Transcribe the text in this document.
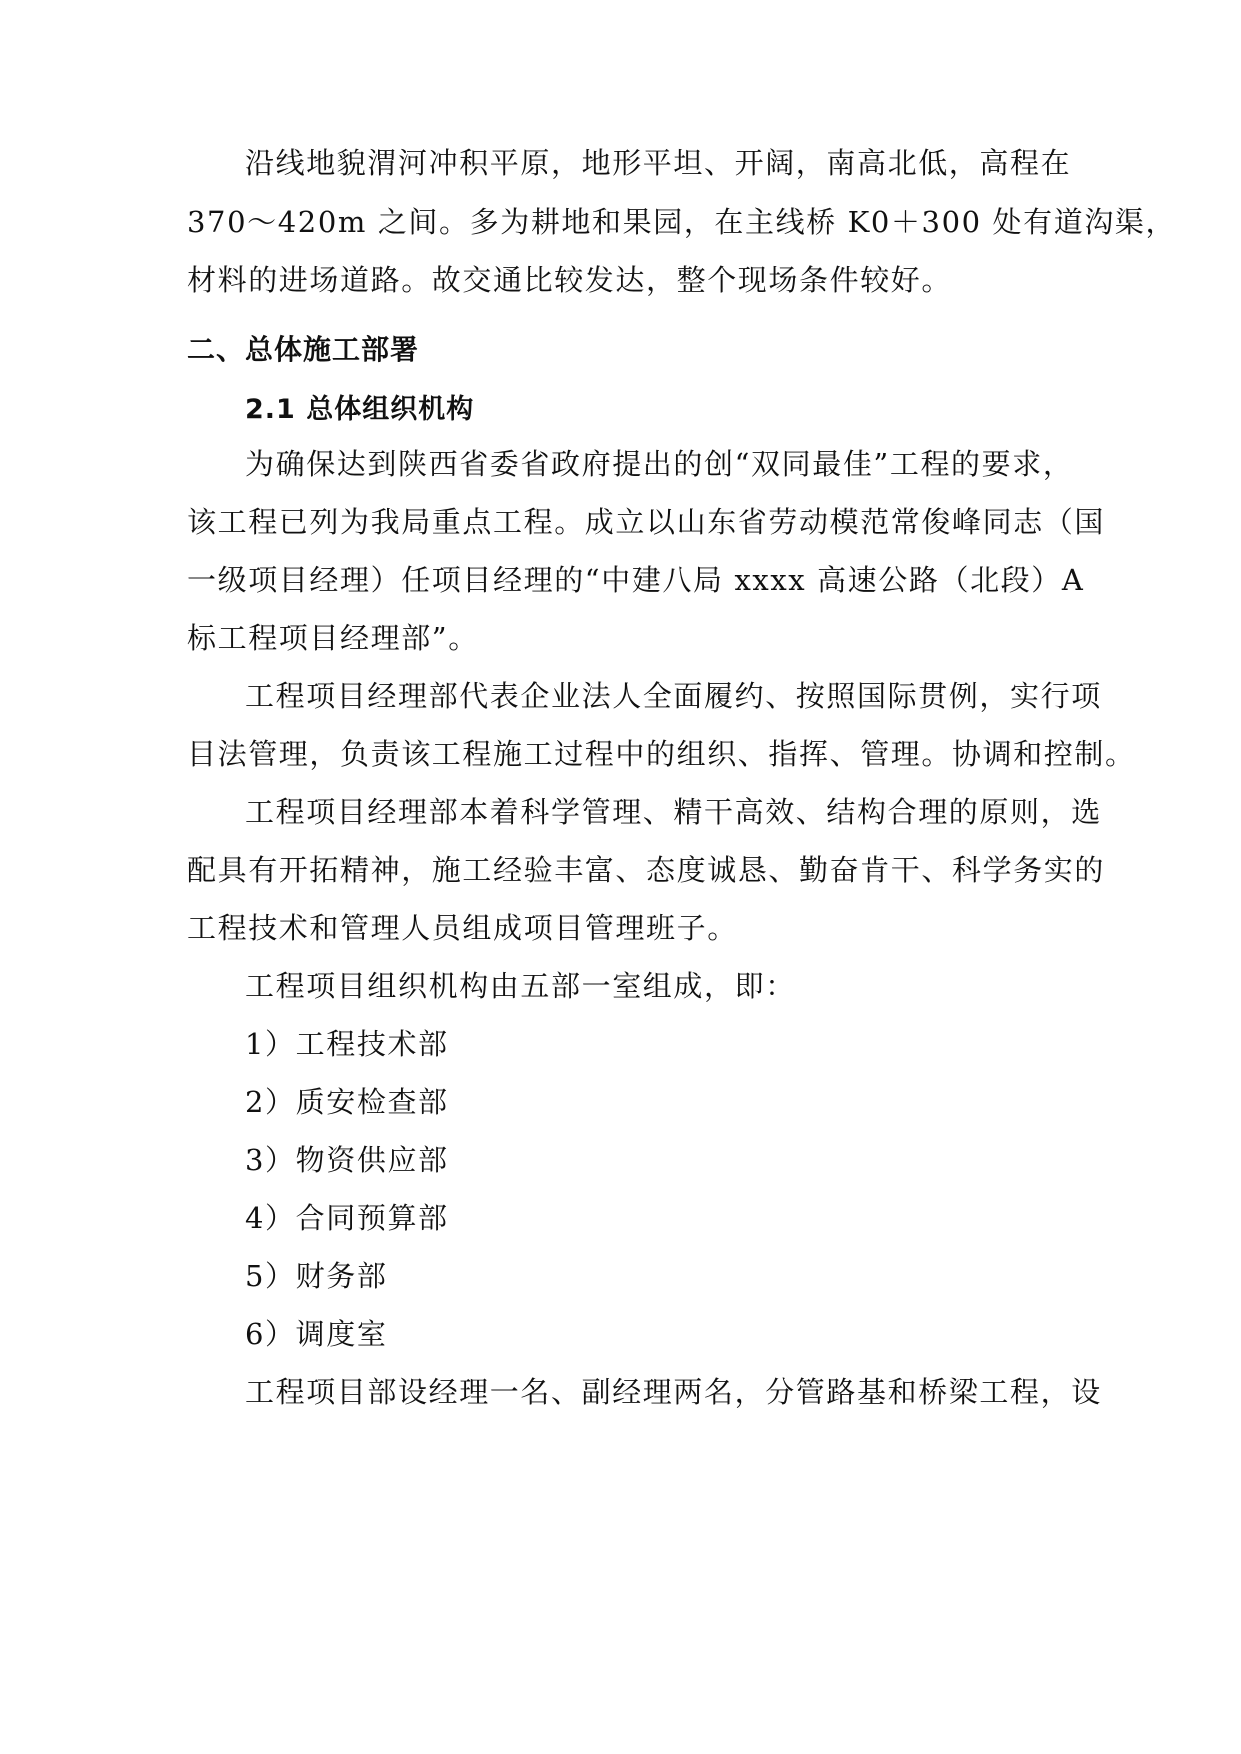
沿线地貌渭河冲积平原，地形平坦、开阔，南高北低，高程在
370～420m 之间。多为耕地和果园，在主线桥 K0＋300 处有道沟渠，
材料的进场道路。故交通比较发达，整个现场条件较好。
二、总体施工部署
2.1 总体组织机构
为确保达到陕西省委省政府提出的创“双同最佳”工程的要求，
该工程已列为我局重点工程。成立以山东省劳动模范常俊峰同志（国
一级项目经理）任项目经理的“中建八局 xxxx 高速公路（北段）A
标工程项目经理部”。
工程项目经理部代表企业法人全面履约、按照国际贯例，实行项
目法管理，负责该工程施工过程中的组织、指挥、管理。协调和控制。
工程项目经理部本着科学管理、精干高效、结构合理的原则，选
配具有开拓精神，施工经验丰富、态度诚恳、勤奋肯干、科学务实的
工程技术和管理人员组成项目管理班子。
工程项目组织机构由五部一室组成，即：
1）工程技术部
2）质安检查部
3）物资供应部
4）合同预算部
5）财务部
6）调度室
工程项目部设经理一名、副经理两名，分管路基和桥梁工程，设
